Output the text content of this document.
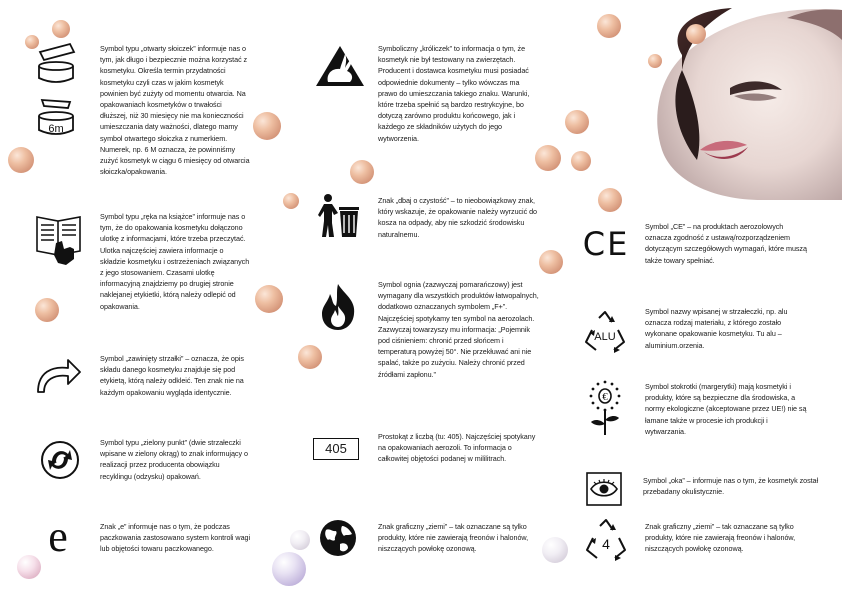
6m
Symbol typu „otwarty słoiczek” informuje nas o tym, jak długo i bezpiecznie można korzystać z kosmetyku. Określa termin przydatności kosmetyku czyli czas w jakim kosmetyk powinien być zużyty od momentu otwarcia. Na opakowaniach kosmetyków o trwałości dłuższej, niż 30 miesięcy nie ma konieczności umieszczania daty ważności, dlatego mamy symbol otwartego słoiczka z numerkiem. Numerek, np. 6 M oznacza, że powinniśmy zużyć kosmetyk w ciągu 6 miesięcy od otwarcia słoiczka/opakowania.
Symbol typu „ręka na książce” informuje nas o tym, że do opakowania kosmetyku dołączono ulotkę z informacjami, które trzeba przeczytać. Ulotka najczęściej zawiera informacje o składzie kosmetyku i ostrzeżeniach związanych z jego stosowaniem. Czasami ulotkę informacyjną znajdziemy po drugiej stronie naklejanej etykietki, którą należy odlepić od opakowania.
Symbol „zawinięty strzałki” – oznacza, że opis składu danego kosmetyku znajduje się pod etykietą, którą należy odkleić. Ten znak nie na każdym opakowaniu wygląda identycznie.
Symbol typu „zielony punkt” (dwie strzałeczki wpisane w zielony okrąg) to znak informujący o realizacji przez producenta obowiązku recyklingu (odzysku) opakowań.
e	Znak „e” informuje nas o tym, że podczas paczkowania zastosowano system kontroli wagi lub objętości towaru paczkowanego.
Symboliczny „króliczek” to informacja o tym, że kosmetyk nie był testowany na zwierzętach. Producent i dostawca kosmetyku musi posiadać odpowiednie dokumenty – tylko wówczas ma prawo do umieszczania takiego znaku. Warunki, które trzeba spełnić są bardzo restrykcyjne, bo dotyczą zarówno produktu końcowego, jak i każdego ze składników użytych do jego wytworzenia.
Znak „dbaj o czystość” – to nieobowiązkowy znak, który wskazuje, że opakowanie należy wyrzucić do kosza na odpady, aby nie szkodzić środowisku naturalnemu.
Symbol ognia (zazwyczaj pomarańczowy) jest wymagany dla wszystkich produktów łatwopalnych, dodatkowo oznaczanych symbolem „F+”. Najczęściej spotykamy ten symbol na aerozolach. Zazwyczaj towarzyszy mu informacja: „Pojemnik pod ciśnieniem: chronić przed słońcem i temperaturą powyżej 50°. Nie przekłuwać ani nie spalać, także po zużyciu. Należy chronić przed źródłami zapłonu.”
405
Prostokąt z liczbą (tu: 405). Najczęściej spotykany na opakowaniach aerozoli. To informacja o całkowitej objętości podanej w mililitrach.
Znak graficzny „ziemi” – tak oznaczane są tylko produkty, które nie zawierają freonów i halonów, niszczących powłokę ozonową.
CE Symbol „CE” – na produktach aerozolowych oznacza zgodność z ustawą/rozporządzeniem dotyczącym szczegółowych wymagań, które muszą także towary spełniać.
ALU
Symbol nazwy wpisanej w strzałeczki, np. alu oznacza rodzaj materiału, z którego zostało wykonane opakowanie kosmetyku. Tu alu – aluminium.orzenia.
€
Symbol stokrotki (margerytki) mają kosmetyki i produkty, które są bezpieczne dla środowiska, a normy ekologiczne (akceptowane przez UE!) nie są łamane także w procesie ich produkcji i wytwarzania.
Symbol „oka” – informuje nas o tym, że kosmetyk został przebadany okulistycznie.
4
Znak graficzny „ziemi” – tak oznaczane są tylko produkty, które nie zawierają freonów i halonów, niszczących powłokę ozonową.
